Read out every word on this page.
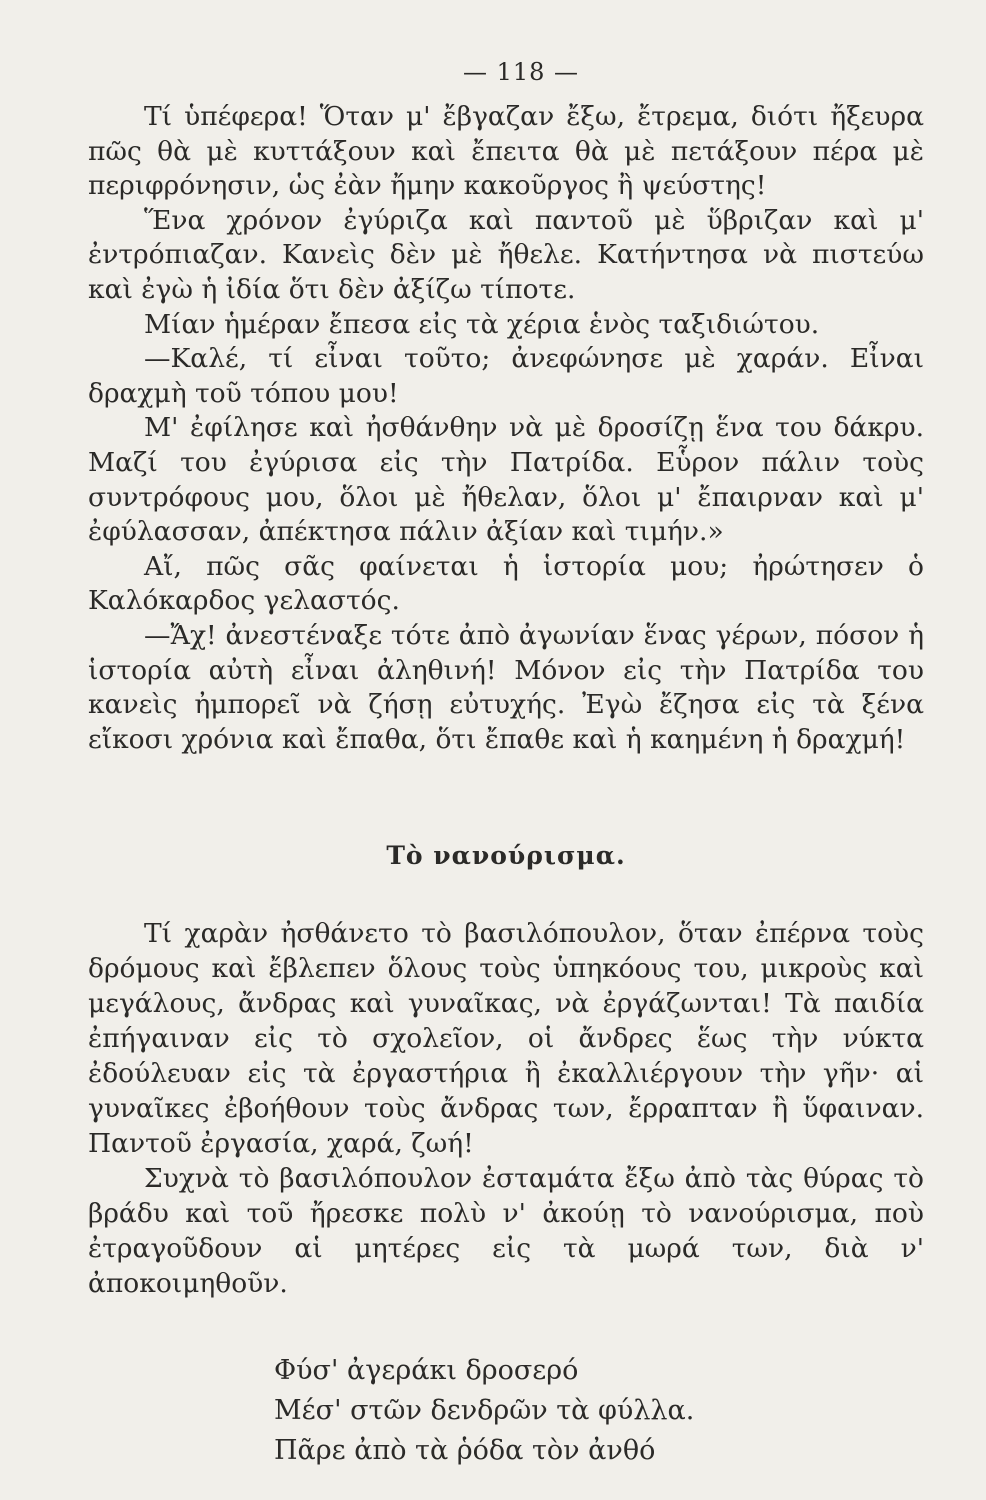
— 118 —

Τί ὑπέφερα! Ὅταν μ' ἔβγαζαν ἔξω, ἔτρεμα, διότι ἤξευρα πῶς θὰ μὲ κυττάξουν καὶ ἔπειτα θὰ μὲ πετάξουν πέρα μὲ περιφρόνησιν, ὡς ἐὰν ἤμην κακοῦργος ἢ ψεύστης!

Ἕνα χρόνον ἐγύριζα καὶ παντοῦ μὲ ὕβριζαν καὶ μ' ἐντρόπιαζαν. Κανεὶς δὲν μὲ ἤθελε. Κατήντησα νὰ πιστεύω καὶ ἐγὼ ἡ ἰδία ὅτι δὲν ἀξίζω τίποτε.

Μίαν ἡμέραν ἔπεσα εἰς τὰ χέρια ἑνὸς ταξιδιώτου.

—Καλέ, τί εἶναι τοῦτο; ἀνεφώνησε μὲ χαράν. Εἶναι δραχμὴ τοῦ τόπου μου!

Μ' ἐφίλησε καὶ ἠσθάνθην νὰ μὲ δροσίζῃ ἕνα του δάκρυ. Μαζί του ἐγύρισα εἰς τὴν Πατρίδα. Εὗρον πάλιν τοὺς συντρόφους μου, ὅλοι μὲ ἤθελαν, ὅλοι μ' ἔπαιρναν καὶ μ' ἐφύλασσαν, ἀπέκτησα πάλιν ἀξίαν καὶ τιμήν.»

Αἴ, πῶς σᾶς φαίνεται ἡ ἱστορία μου; ἠρώτησεν ὁ Καλόκαρδος γελαστός.

—Ἄχ! ἀνεστέναξε τότε ἀπὸ ἀγωνίαν ἕνας γέρων, πόσον ἡ ἱστορία αὐτὴ εἶναι ἀληθινή! Μόνον εἰς τὴν Πατρίδα του κανεὶς ἠμπορεῖ νὰ ζήσῃ εὐτυχής. Ἐγὼ ἔζησα εἰς τὰ ξένα εἴκοσι χρόνια καὶ ἔπαθα, ὅτι ἔπαθε καὶ ἡ καημένη ἡ δραχμή!

Τὸ νανούρισμα.

Τί χαρὰν ἠσθάνετο τὸ βασιλόπουλον, ὅταν ἐπέρνα τοὺς δρόμους καὶ ἔβλεπεν ὅλους τοὺς ὑπηκόους του, μικροὺς καὶ μεγάλους, ἄνδρας καὶ γυναῖκας, νὰ ἐργάζωνται! Τὰ παιδία ἐπήγαιναν εἰς τὸ σχολεῖον, οἱ ἄνδρες ἕως τὴν νύκτα ἐδούλευαν εἰς τὰ ἐργαστήρια ἢ ἐκαλλιέργουν τὴν γῆν· αἱ γυναῖκες ἐβοήθουν τοὺς ἄνδρας των, ἔρραπταν ἢ ὕφαιναν. Παντοῦ ἐργασία, χαρά, ζωή!

Συχνὰ τὸ βασιλόπουλον ἐσταμάτα ἔξω ἀπὸ τὰς θύρας τὸ βράδυ καὶ τοῦ ἤρεσκε πολὺ ν' ἀκούῃ τὸ νανούρισμα, ποὺ ἐτραγοῦδουν αἱ μητέρες εἰς τὰ μωρά των, διὰ ν' ἀποκοιμηθοῦν.

Φύσ' ἀγεράκι δροσερό
Μέσ' στῶν δενδρῶν τὰ φύλλα.
Πᾶρε ἀπὸ τὰ ῥόδα τὸν ἀνθό
